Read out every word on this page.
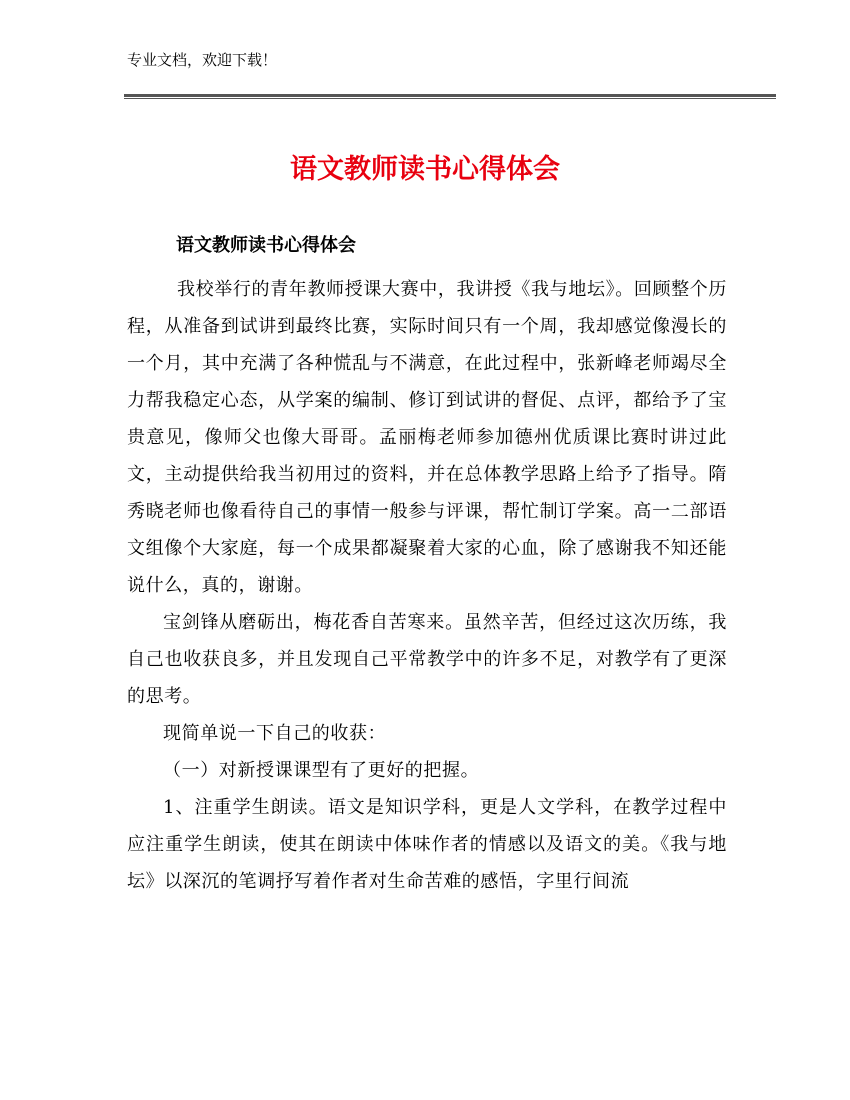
专业文档，欢迎下载！
语文教师读书心得体会
语文教师读书心得体会

我校举行的青年教师授课大赛中，我讲授《我与地坛》。回顾整个历程，从准备到试讲到最终比赛，实际时间只有一个周，我却感觉像漫长的一个月，其中充满了各种慌乱与不满意，在此过程中，张新峰老师竭尽全力帮我稳定心态，从学案的编制、修订到试讲的督促、点评，都给予了宝贵意见，像师父也像大哥哥。孟丽梅老师参加德州优质课比赛时讲过此文，主动提供给我当初用过的资料，并在总体教学思路上给予了指导。隋秀晓老师也像看待自己的事情一般参与评课，帮忙制订学案。高一二部语文组像个大家庭，每一个成果都凝聚着大家的心血，除了感谢我不知还能说什么，真的，谢谢。

宝剑锋从磨砺出，梅花香自苦寒来。虽然辛苦，但经过这次历练，我自己也收获良多，并且发现自己平常教学中的许多不足，对教学有了更深的思考。

现简单说一下自己的收获：

（一）对新授课课型有了更好的把握。

1、注重学生朗读。语文是知识学科，更是人文学科，在教学过程中应注重学生朗读，使其在朗读中体味作者的情感以及语文的美。《我与地坛》以深沉的笔调抒写着作者对生命苦难的感悟，字里行间流
